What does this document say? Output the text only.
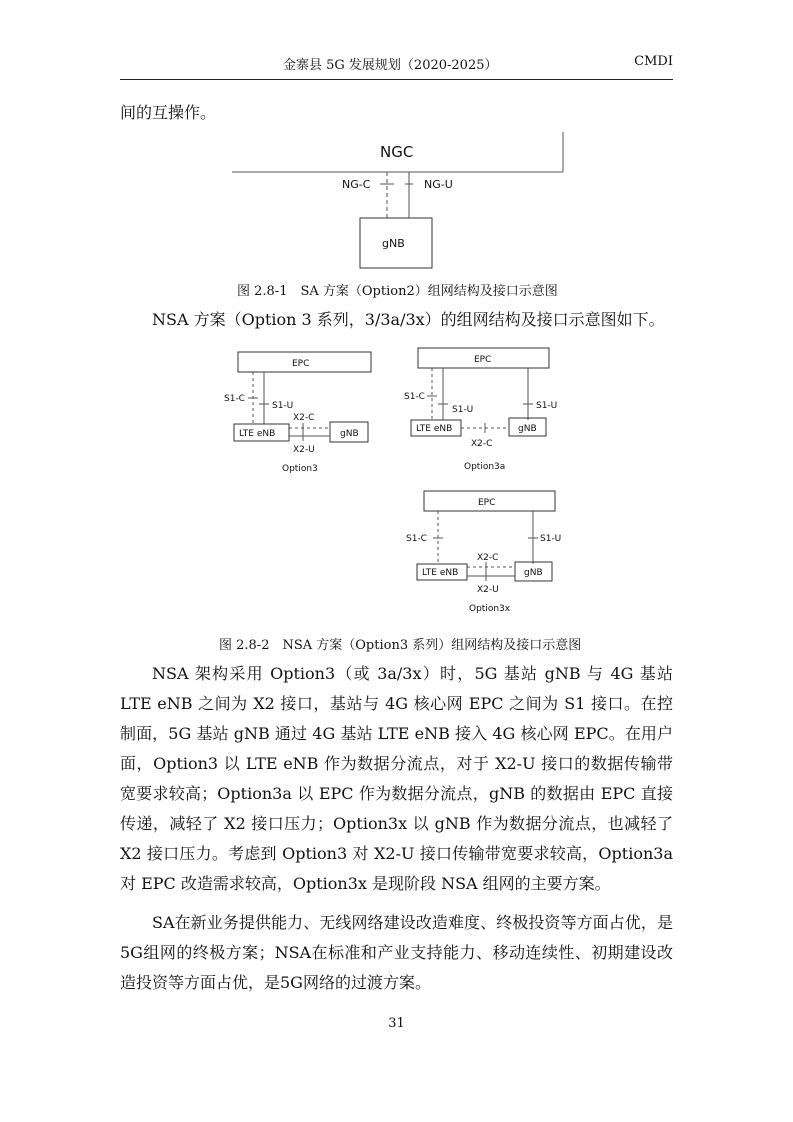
金寨县 5G 发展规划（2020-2025）	CMDI

间的互操作。

NGC
NG-C	NG-U
gNB
图 2.8-1　SA 方案（Option2）组网结构及接口示意图

NSA 方案（Option 3 系列，3/3a/3x）的组网结构及接口示意图如下。

EPC
S1-C
S1-U
X2-C
LTE eNB	gNB
X2-U
Option3
EPC
S1-C
S1-U	S1-U
LTE eNB	gNB
X2-C
Option3a
EPC
S1-C	S1-U
X2-C
LTE eNB	gNB
X2-U
Option3x
图 2.8-2　NSA 方案（Option3 系列）组网结构及接口示意图

NSA 架构采用 Option3（或 3a/3x）时，5G 基站 gNB 与 4G 基站 LTE eNB 之间为 X2 接口，基站与 4G 核心网 EPC 之间为 S1 接口。在控制面，5G 基站 gNB 通过 4G 基站 LTE eNB 接入 4G 核心网 EPC。在用户面，Option3 以 LTE eNB 作为数据分流点，对于 X2-U 接口的数据传输带宽要求较高；Option3a 以 EPC 作为数据分流点，gNB 的数据由 EPC 直接传递，减轻了 X2 接口压力；Option3x 以 gNB 作为数据分流点，也减轻了 X2 接口压力。考虑到 Option3 对 X2-U 接口传输带宽要求较高，Option3a 对 EPC 改造需求较高，Option3x 是现阶段 NSA 组网的主要方案。

SA在新业务提供能力、无线网络建设改造难度、终极投资等方面占优，是5G组网的终极方案；NSA在标准和产业支持能力、移动连续性、初期建设改造投资等方面占优，是5G网络的过渡方案。

31
